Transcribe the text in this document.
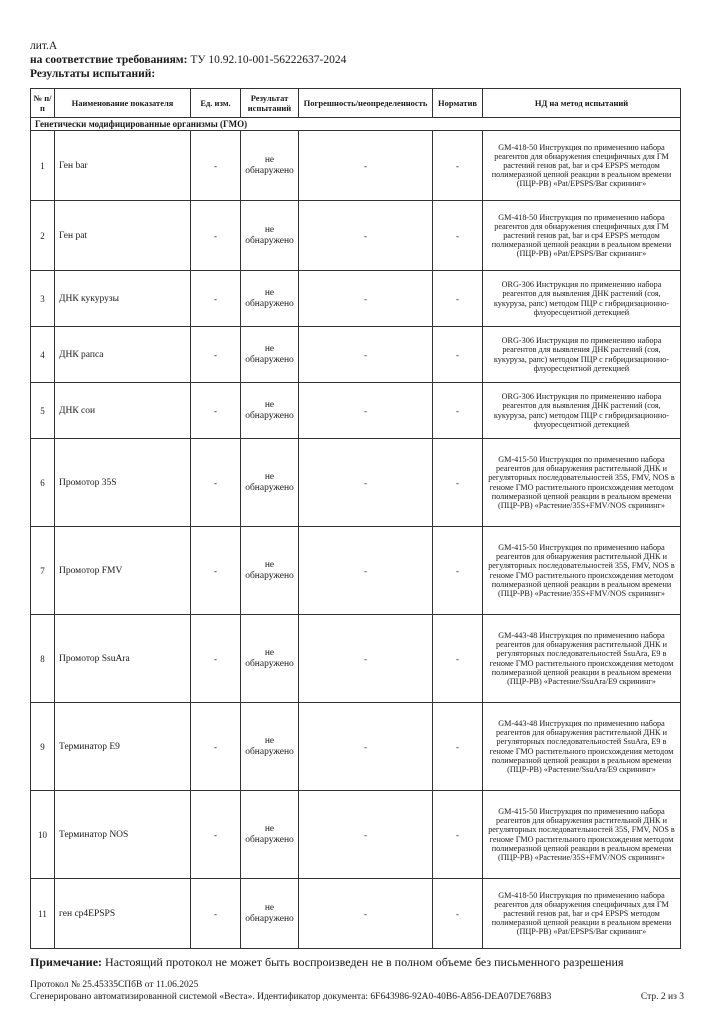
лит.А
на соответствие требованиям: ТУ 10.92.10-001-56222637-2024
Результаты испытаний:
№ п/п	Наименование показателя	Ед. изм.	Результат испытаний	Погрешность/неопределенность	Норматив	НД на метод испытаний
Генетически модифицированные организмы (ГМО)						
1	Ген bar	-	не обнаружено	-	-	GM-418-50 Инструкция по применению набора реагентов для обнаружения специфичных для ГМ растений генов pat, bar и cp4 EPSPS методом полимеразной цепной реакции в реальном времени (ПЦР-РВ) «Pat/EPSPS/Bar скрининг»
2	Ген pat	-	не обнаружено	-	-	GM-418-50 Инструкция по применению набора реагентов для обнаружения специфичных для ГМ растений генов pat, bar и cp4 EPSPS методом полимеразной цепной реакции в реальном времени (ПЦР-РВ) «Pat/EPSPS/Bar скрининг»
3	ДНК кукурузы	-	не обнаружено	-	-	ORG-306 Инструкция по применению набора реагентов для выявления ДНК растений (соя, кукуруза, рапс) методом ПЦР с гибридизационно-флуоресцентной детекцией
4	ДНК рапса	-	не обнаружено	-	-	ORG-306 Инструкция по применению набора реагентов для выявления ДНК растений (соя, кукуруза, рапс) методом ПЦР с гибридизационно-флуоресцентной детекцией
5	ДНК сои	-	не обнаружено	-	-	ORG-306 Инструкция по применению набора реагентов для выявления ДНК растений (соя, кукуруза, рапс) методом ПЦР с гибридизационно-флуоресцентной детекцией
6	Промотор 35S	-	не обнаружено	-	-	GM-415-50 Инструкция по применению набора реагентов для обнаружения растительной ДНК и регуляторных последовательностей 35S, FMV, NOS в геноме ГМО растительного происхождения методом полимеразной цепной реакции в реальном времени (ПЦР-РВ) «Растение/35S+FMV/NOS скрининг»
7	Промотор FMV	-	не обнаружено	-	-	GM-415-50 Инструкция по применению набора реагентов для обнаружения растительной ДНК и регуляторных последовательностей 35S, FMV, NOS в геноме ГМО растительного происхождения методом полимеразной цепной реакции в реальном времени (ПЦР-РВ) «Растение/35S+FMV/NOS скрининг»
8	Промотор SsuAra	-	не обнаружено	-	-	GM-443-48 Инструкция по применению набора реагентов для обнаружения растительной ДНК и регуляторных последовательностей SsuAra, E9 в геноме ГМО растительного происхождения методом полимеразной цепной реакции в реальном времени (ПЦР-РВ) «Растение/SsuAra/E9 скрининг»
9	Терминатор E9	-	не обнаружено	-	-	GM-443-48 Инструкция по применению набора реагентов для обнаружения растительной ДНК и регуляторных последовательностей SsuAra, E9 в геноме ГМО растительного происхождения методом полимеразной цепной реакции в реальном времени (ПЦР-РВ) «Растение/SsuAra/E9 скрининг»
10	Терминатор NOS	-	не обнаружено	-	-	GM-415-50 Инструкция по применению набора реагентов для обнаружения растительной ДНК и регуляторных последовательностей 35S, FMV, NOS в геноме ГМО растительного происхождения методом полимеразной цепной реакции в реальном времени (ПЦР-РВ) «Растение/35S+FMV/NOS скрининг»
11	ген cp4EPSPS	-	не обнаружено	-	-	GM-418-50 Инструкция по применению набора реагентов для обнаружения специфичных для ГМ растений генов pat, bar и cp4 EPSPS методом полимеразной цепной реакции в реальном времени (ПЦР-РВ) «Pat/EPSPS/Bar скрининг»
Примечание: Настоящий протокол не может быть воспроизведен не в полном объеме без письменного разрешения
Протокол № 25.45335СПбВ от 11.06.2025
Сгенерировано автоматизированной системой «Веста». Идентификатор документа: 6F643986-92A0-40B6-A856-DEA07DE768B3	Стр. 2 из 3
